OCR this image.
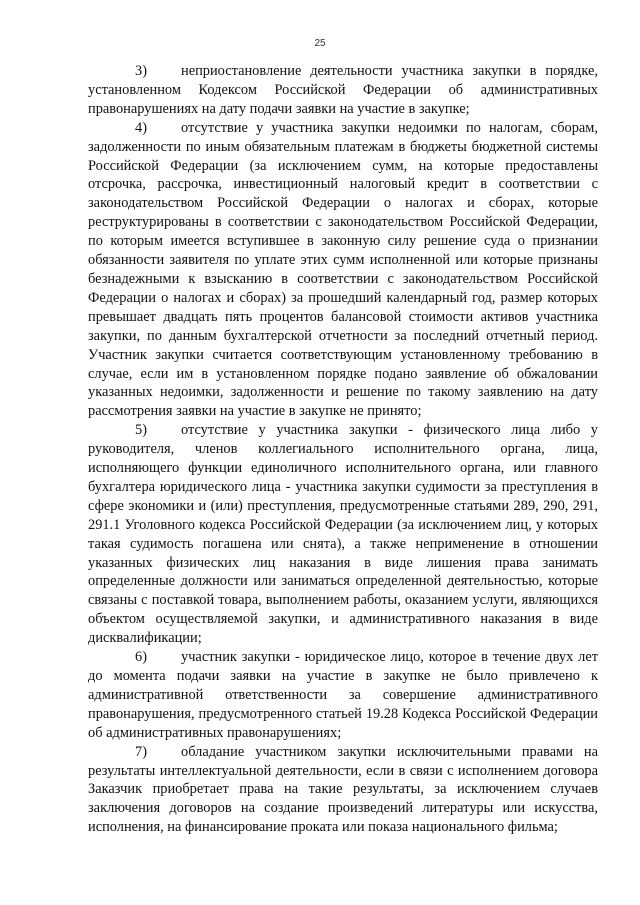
25

3) неприостановление деятельности участника закупки в порядке, установленном Кодексом Российской Федерации об административных правонарушениях на дату подачи заявки на участие в закупке;

4) отсутствие у участника закупки недоимки по налогам, сборам, задолженности по иным обязательным платежам в бюджеты бюджетной системы Российской Федерации (за исключением сумм, на которые предоставлены отсрочка, рассрочка, инвестиционный налоговый кредит в соответствии с законодательством Российской Федерации о налогах и сборах, которые реструктурированы в соответствии с законодательством Российской Федерации, по которым имеется вступившее в законную силу решение суда о признании обязанности заявителя по уплате этих сумм исполненной или которые признаны безнадежными к взысканию в соответствии с законодательством Российской Федерации о налогах и сборах) за прошедший календарный год, размер которых превышает двадцать пять процентов балансовой стоимости активов участника закупки, по данным бухгалтерской отчетности за последний отчетный период. Участник закупки считается соответствующим установленному требованию в случае, если им в установленном порядке подано заявление об обжаловании указанных недоимки, задолженности и решение по такому заявлению на дату рассмотрения заявки на участие в закупке не принято;

5) отсутствие у участника закупки - физического лица либо у руководителя, членов коллегиального исполнительного органа, лица, исполняющего функции единоличного исполнительного органа, или главного бухгалтера юридического лица - участника закупки судимости за преступления в сфере экономики и (или) преступления, предусмотренные статьями 289, 290, 291, 291.1 Уголовного кодекса Российской Федерации (за исключением лиц, у которых такая судимость погашена или снята), а также неприменение в отношении указанных физических лиц наказания в виде лишения права занимать определенные должности или заниматься определенной деятельностью, которые связаны с поставкой товара, выполнением работы, оказанием услуги, являющихся объектом осуществляемой закупки, и административного наказания в виде дисквалификации;

6) участник закупки - юридическое лицо, которое в течение двух лет до момента подачи заявки на участие в закупке не было привлечено к административной ответственности за совершение административного правонарушения, предусмотренного статьей 19.28 Кодекса Российской Федерации об административных правонарушениях;

7) обладание участником закупки исключительными правами на результаты интеллектуальной деятельности, если в связи с исполнением договора Заказчик приобретает права на такие результаты, за исключением случаев заключения договоров на создание произведений литературы или искусства, исполнения, на финансирование проката или показа национального фильма;
